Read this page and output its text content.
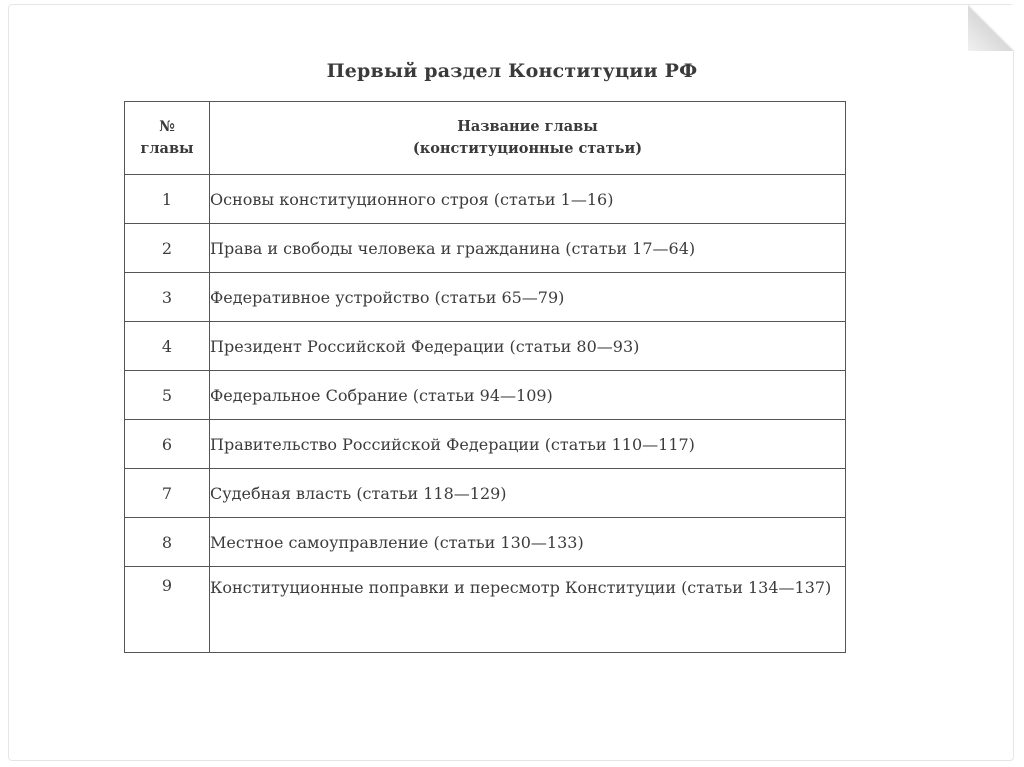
Первый раздел Конституции РФ
№
главы	Название главы
(конституционные статьи)

1	Основы конституционного строя (статьи 1—16)
2	Права и свободы человека и гражданина (статьи 17—64)
3	Федеративное устройство (статьи 65—79)
4	Президент Российской Федерации (статьи 80—93)
5	Федеральное Собрание (статьи 94—109)
6	Правительство Российской Федерации (статьи 110—117)
7	Судебная власть (статьи 118—129)
8	Местное самоуправление (статьи 130—133)
9	Конституционные поправки и пересмотр Конституции (статьи 134—137)
